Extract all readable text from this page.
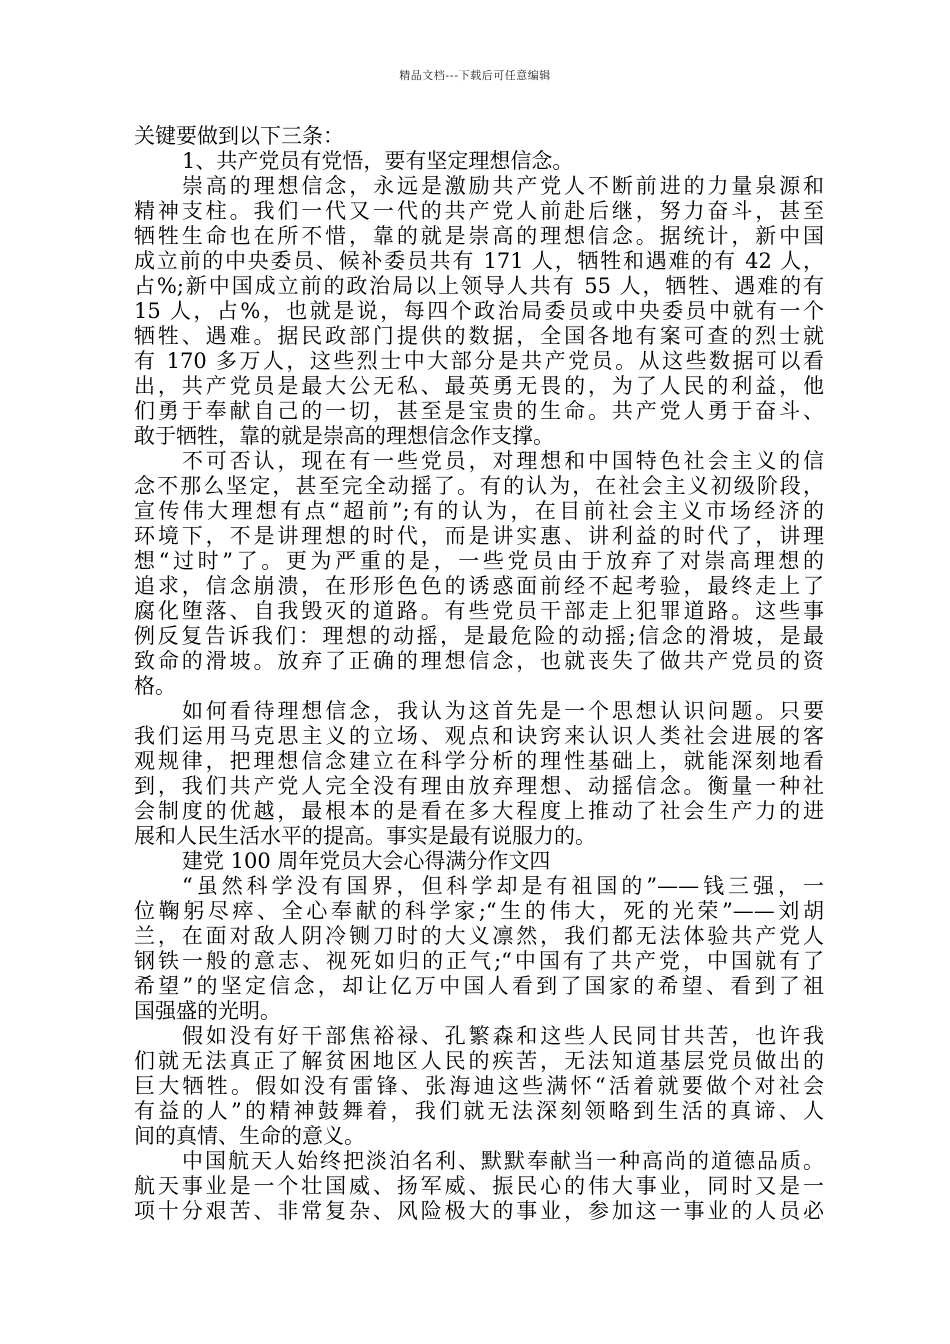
精品文档---下载后可任意编辑
关键要做到以下三条：
1、共产党员有党悟，要有坚定理想信念。
崇高的理想信念，永远是激励共产党人不断前进的力量泉源和
精神支柱。我们一代又一代的共产党人前赴后继，努力奋斗，甚至
牺牲生命也在所不惜，靠的就是崇高的理想信念。据统计，新中国
成立前的中央委员、候补委员共有 171 人，牺牲和遇难的有 42 人，
占%;新中国成立前的政治局以上领导人共有 55 人，牺牲、遇难的有
15 人，占%，也就是说，每四个政治局委员或中央委员中就有一个
牺牲、遇难。据民政部门提供的数据，全国各地有案可查的烈士就
有 170 多万人，这些烈士中大部分是共产党员。从这些数据可以看
出，共产党员是最大公无私、最英勇无畏的，为了人民的利益，他
们勇于奉献自己的一切，甚至是宝贵的生命。共产党人勇于奋斗、
敢于牺牲，靠的就是崇高的理想信念作支撑。
不可否认，现在有一些党员，对理想和中国特色社会主义的信
念不那么坚定，甚至完全动摇了。有的认为，在社会主义初级阶段，
宣传伟大理想有点“超前”;有的认为，在目前社会主义市场经济的
环境下，不是讲理想的时代，而是讲实惠、讲利益的时代了，讲理
想“过时”了。更为严重的是，一些党员由于放弃了对崇高理想的
追求，信念崩溃，在形形色色的诱惑面前经不起考验，最终走上了
腐化堕落、自我毁灭的道路。有些党员干部走上犯罪道路。这些事
例反复告诉我们：理想的动摇，是最危险的动摇;信念的滑坡，是最
致命的滑坡。放弃了正确的理想信念，也就丧失了做共产党员的资
格。
如何看待理想信念，我认为这首先是一个思想认识问题。只要
我们运用马克思主义的立场、观点和诀窍来认识人类社会进展的客
观规律，把理想信念建立在科学分析的理性基础上，就能深刻地看
到，我们共产党人完全没有理由放弃理想、动摇信念。衡量一种社
会制度的优越，最根本的是看在多大程度上推动了社会生产力的进
展和人民生活水平的提高。事实是最有说服力的。
建党 100 周年党员大会心得满分作文四
“虽然科学没有国界，但科学却是有祖国的”——钱三强，一
位鞠躬尽瘁、全心奉献的科学家;“生的伟大，死的光荣”——刘胡
兰，在面对敌人阴冷铡刀时的大义凛然，我们都无法体验共产党人
钢铁一般的意志、视死如归的正气;“中国有了共产党，中国就有了
希望”的坚定信念，却让亿万中国人看到了国家的希望、看到了祖
国强盛的光明。
假如没有好干部焦裕禄、孔繁森和这些人民同甘共苦，也许我
们就无法真正了解贫困地区人民的疾苦，无法知道基层党员做出的
巨大牺牲。假如没有雷锋、张海迪这些满怀“活着就要做个对社会
有益的人”的精神鼓舞着，我们就无法深刻领略到生活的真谛、人
间的真情、生命的意义。
中国航天人始终把淡泊名利、默默奉献当一种高尚的道德品质。
航天事业是一个壮国威、扬军威、振民心的伟大事业，同时又是一
项十分艰苦、非常复杂、风险极大的事业，参加这一事业的人员必
